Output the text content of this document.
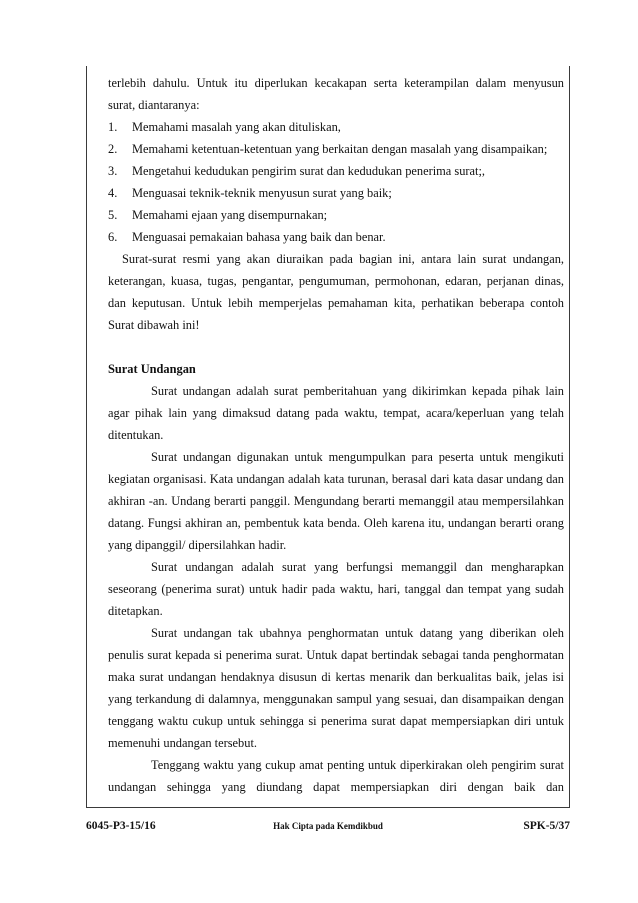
terlebih dahulu. Untuk itu diperlukan kecakapan serta keterampilan dalam menyusun

surat, diantaranya:

1. Memahami masalah yang akan dituliskan,
2. Memahami ketentuan-ketentuan yang berkaitan dengan masalah yang disampaikan;
3. Mengetahui kedudukan pengirim surat dan kedudukan penerima surat;,
4. Menguasai teknik-teknik menyusun surat yang baik;
5. Memahami ejaan yang disempurnakan;
6. Menguasai pemakaian bahasa yang baik dan benar.

Surat-surat resmi yang akan diuraikan pada bagian ini, antara lain surat undangan, keterangan, kuasa, tugas, pengantar, pengumuman, permohonan, edaran, perjanan dinas, dan keputusan. Untuk lebih memperjelas pemahaman kita, perhatikan beberapa contoh Surat dibawah ini!

Surat Undangan

Surat undangan adalah surat pemberitahuan yang dikirimkan kepada pihak lain agar pihak lain yang dimaksud datang pada waktu, tempat, acara/keperluan yang telah ditentukan.

Surat undangan digunakan untuk mengumpulkan para peserta untuk mengikuti kegiatan organisasi. Kata undangan adalah kata turunan, berasal dari kata dasar undang dan akhiran -an. Undang berarti panggil. Mengundang berarti memanggil atau mempersilahkan datang. Fungsi akhiran an, pembentuk kata benda. Oleh karena itu, undangan berarti orang yang dipanggil/ dipersilahkan hadir.

Surat undangan adalah surat yang berfungsi memanggil dan mengharapkan seseorang (penerima surat) untuk hadir pada waktu, hari, tanggal dan tempat yang sudah ditetapkan.

Surat undangan tak ubahnya penghormatan untuk datang yang diberikan oleh penulis surat kepada si penerima surat. Untuk dapat bertindak sebagai tanda penghormatan maka surat undangan hendaknya disusun di kertas menarik dan berkualitas baik, jelas isi yang terkandung di dalamnya, menggunakan sampul yang sesuai, dan disampaikan dengan tenggang waktu cukup untuk sehingga si penerima surat dapat mempersiapkan diri untuk memenuhi undangan tersebut.

Tenggang waktu yang cukup amat penting untuk diperkirakan oleh pengirim surat undangan sehingga yang diundang dapat mempersiapkan diri dengan baik dan

6045-P3-15/16	Hak Cipta pada Kemdikbud	SPK-5/37
